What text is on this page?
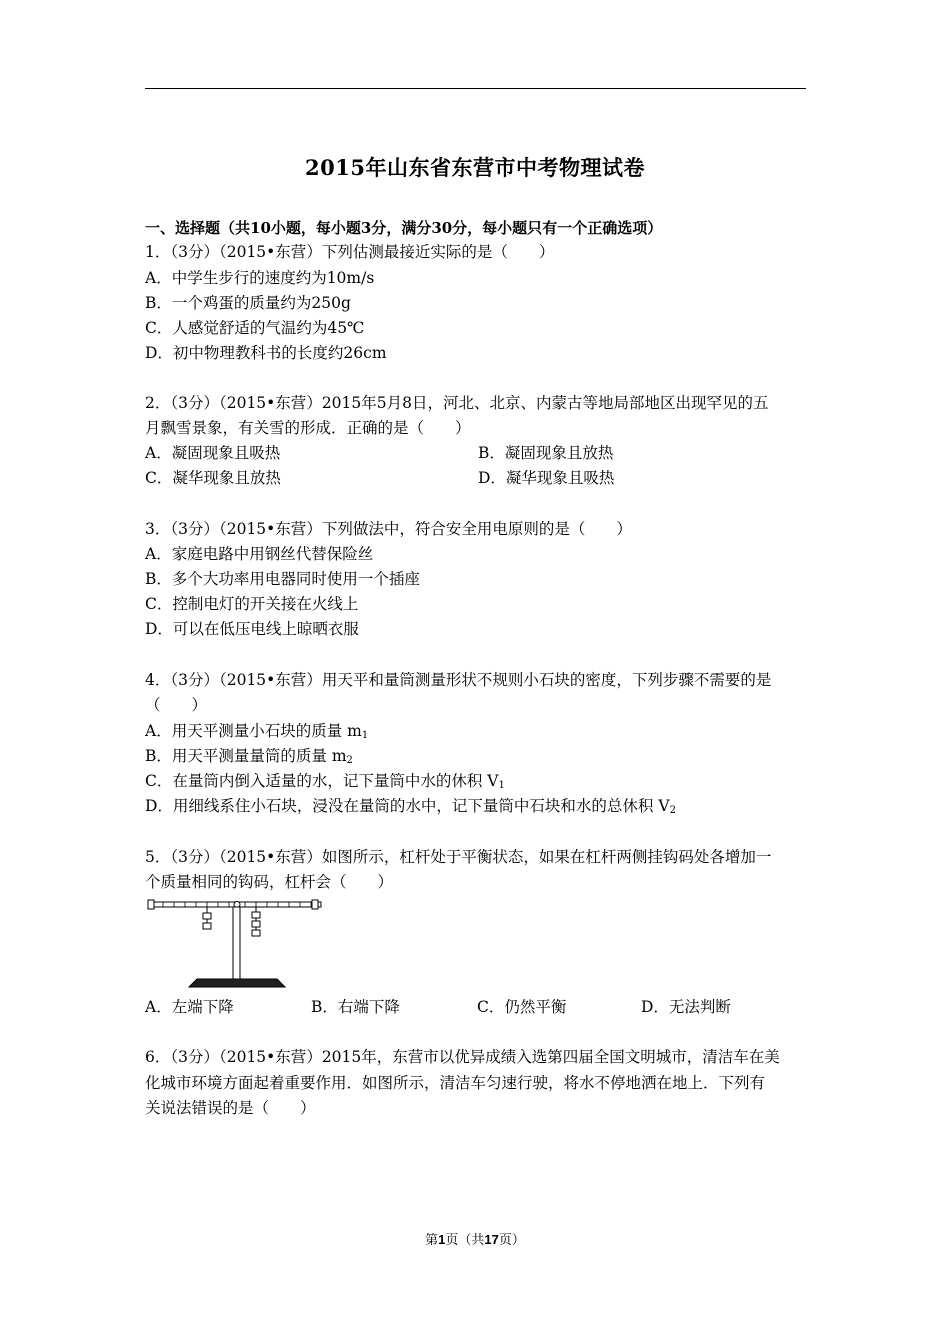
2015年山东省东营市中考物理试卷
一、选择题（共10小题，每小题3分，满分30分，每小题只有一个正确选项）
1．（3分）（2015•东营）下列估测最接近实际的是（　　）
A．中学生步行的速度约为10m/s
B．一个鸡蛋的质量约为250g
C．人感觉舒适的气温约为45℃
D．初中物理教科书的长度约26cm
2．（3分）（2015•东营）2015年5月8日，河北、北京、内蒙古等地局部地区出现罕见的五
月飘雪景象，有关雪的形成．正确的是（　　）
A．凝固现象且吸热	B．凝固现象且放热
C．凝华现象且放热	D．凝华现象且吸热
3．（3分）（2015•东营）下列做法中，符合安全用电原则的是（　　）
A．家庭电路中用钢丝代替保险丝
B．多个大功率用电器同时使用一个插座
C．控制电灯的开关接在火线上
D．可以在低压电线上晾晒衣服
4．（3分）（2015•东营）用天平和量筒测量形状不规则小石块的密度，下列步骤不需要的是
（　　）
A．用天平测量小石块的质量 $m_1$
B．用天平测量量筒的质量 $m_2$
C．在量筒内倒入适量的水，记下量筒中水的休积 $V_1$
D．用细线系住小石块，浸没在量筒的水中，记下量筒中石块和水的总休积 $V_2$
5．（3分）（2015•东营）如图所示，杠杆处于平衡状态，如果在杠杆两侧挂钩码处各增加一
个质量相同的钩码，杠杆会（　　）
A．左端下降	B．右端下降	C．仍然平衡	D．无法判断
6．（3分）（2015•东营）2015年，东营市以优异成绩入选第四届全国文明城市，清洁车在美
化城市环境方面起着重要作用．如图所示，清洁车匀速行驶，将水不停地洒在地上．下列有
关说法错误的是（　　）
第1页（共17页）
